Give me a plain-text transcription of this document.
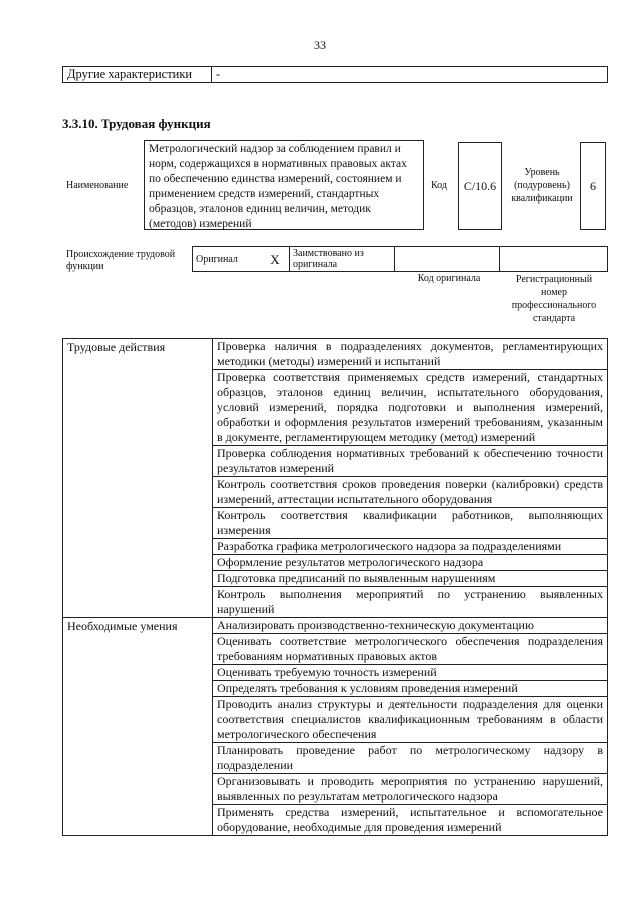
33
Другие характеристики	-
3.3.10. Трудовая функция
Наименование
Метрологический надзор за соблюдением правил и норм, содержащихся в нормативных правовых актах по обеспечению единства измерений, состоянием и применением средств измерений, стандартных образцов, эталонов единиц величин, методик (методов) измерений
Код	C/10.6
Уровень (подуровень) квалификации
6
Происхождение трудовой функции
Оригинал	X	Заимствовано из оригинала		
Код оригинала	Регистрационный номер профессионального стандарта
Трудовые действия	Проверка наличия в подразделениях документов, регламентирующих методики (методы) измерений и испытаний
	Проверка соответствия применяемых средств измерений, стандартных образцов, эталонов единиц величин, испытательного оборудования, условий измерений, порядка подготовки и выполнения измерений, обработки и оформления результатов измерений требованиям, указанным в документе, регламентирующем методику (метод) измерений
	Проверка соблюдения нормативных требований к обеспечению точности результатов измерений
	Контроль соответствия сроков проведения поверки (калибровки) средств измерений, аттестации испытательного оборудования
	Контроль соответствия квалификации работников, выполняющих измерения
	Разработка графика метрологического надзора за подразделениями
	Оформление результатов метрологического надзора
	Подготовка предписаний по выявленным нарушениям
	Контроль выполнения мероприятий по устранению выявленных нарушений
Необходимые умения	Анализировать производственно-техническую документацию
	Оценивать соответствие метрологического обеспечения подразделения требованиям нормативных правовых актов
	Оценивать требуемую точность измерений
	Определять требования к условиям проведения измерений
	Проводить анализ структуры и деятельности подразделения для оценки соответствия специалистов квалификационным требованиям в области метрологического обеспечения
	Планировать проведение работ по метрологическому надзору в подразделении
	Организовывать и проводить мероприятия по устранению нарушений, выявленных по результатам метрологического надзора
	Применять средства измерений, испытательное и вспомогательное оборудование, необходимые для проведения измерений
